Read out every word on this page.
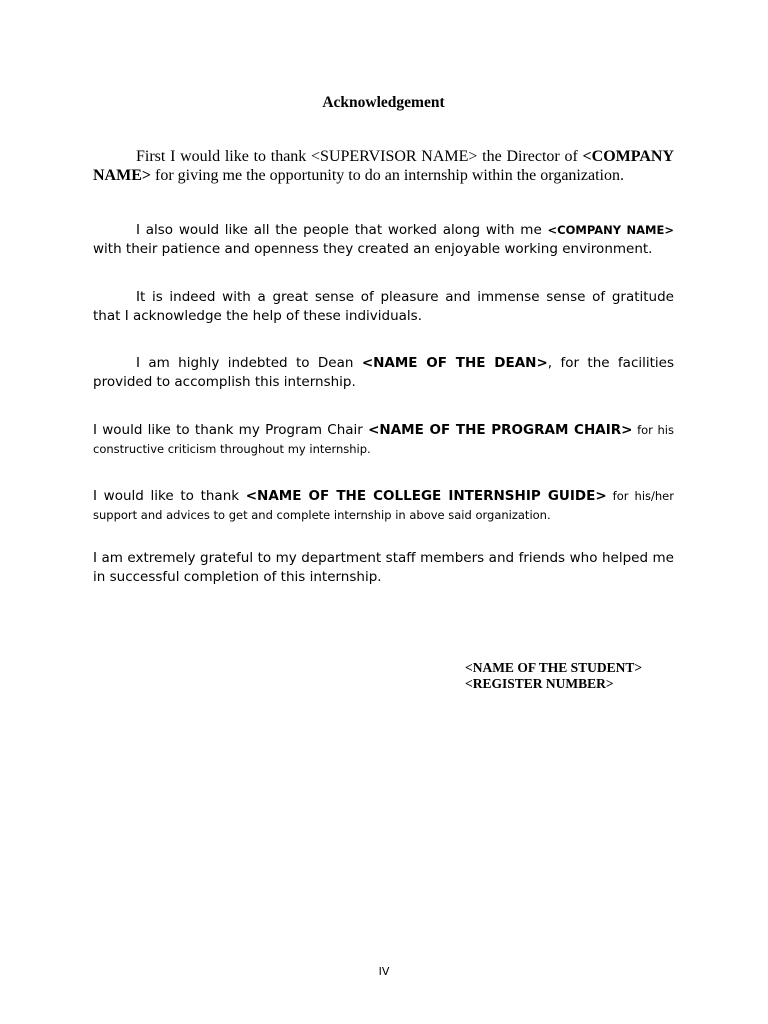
Acknowledgement

First I would like to thank <SUPERVISOR NAME> the Director of <COMPANY NAME> for giving me the opportunity to do an internship within the organization.

I also would like all the people that worked along with me <COMPANY NAME> with their patience and openness they created an enjoyable working environment.

It is indeed with a great sense of pleasure and immense sense of gratitude that I acknowledge the help of these individuals.

I am highly indebted to Dean <NAME OF THE DEAN>, for the facilities provided to accomplish this internship.

I would like to thank my Program Chair <NAME OF THE PROGRAM CHAIR> for his constructive criticism throughout my internship.

I would like to thank <NAME OF THE COLLEGE INTERNSHIP GUIDE> for his/her support and advices to get and complete internship in above said organization.

I am extremely grateful to my department staff members and friends who helped me in successful completion of this internship.

<NAME OF THE STUDENT>
<REGISTER NUMBER>
IV
